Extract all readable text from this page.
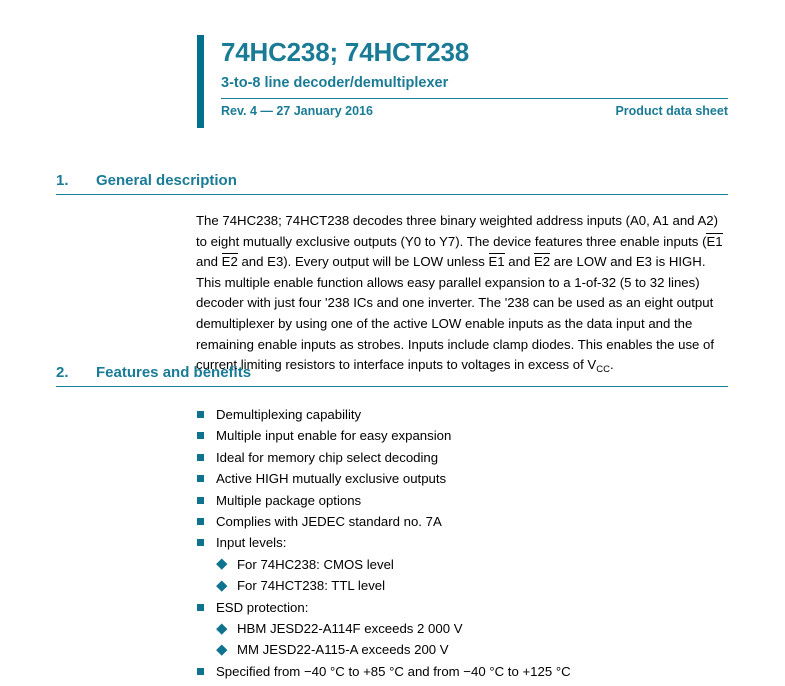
74HC238; 74HCT238
3-to-8 line decoder/demultiplexer
Rev. 4 — 27 January 2016	Product data sheet
1.	General description
The 74HC238; 74HCT238 decodes three binary weighted address inputs (A0, A1 and A2) to eight mutually exclusive outputs (Y0 to Y7). The device features three enable inputs (E1 and E2 and E3). Every output will be LOW unless E1 and E2 are LOW and E3 is HIGH. This multiple enable function allows easy parallel expansion to a 1-of-32 (5 to 32 lines) decoder with just four '238 ICs and one inverter. The '238 can be used as an eight output demultiplexer by using one of the active LOW enable inputs as the data input and the remaining enable inputs as strobes. Inputs include clamp diodes. This enables the use of current limiting resistors to interface inputs to voltages in excess of $V_{CC}$.
2.	Features and benefits
Demultiplexing capability
Multiple input enable for easy expansion
Ideal for memory chip select decoding
Active HIGH mutually exclusive outputs
Multiple package options
Complies with JEDEC standard no. 7A
Input levels:
For 74HC238: CMOS level
For 74HCT238: TTL level
ESD protection:
HBM JESD22-A114F exceeds 2 000 V
MM JESD22-A115-A exceeds 200 V
Specified from −40 °C to +85 °C and from −40 °C to +125 °C
